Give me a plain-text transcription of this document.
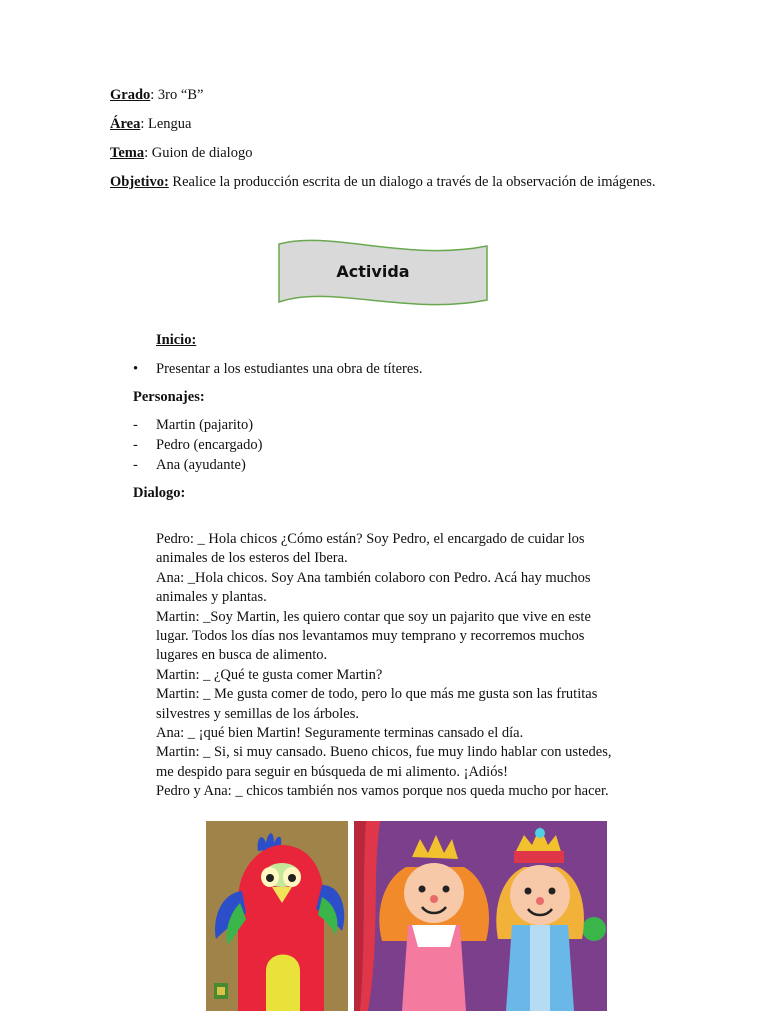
Grado: 3ro “B”
Área: Lengua
Tema: Guion de dialogo
Objetivo: Realice la producción escrita de un dialogo a través de la observación de imágenes.
Activida
Inicio:
• Presentar a los estudiantes una obra de títeres.
Personajes:
- Martin (pajarito)
- Pedro (encargado)
- Ana (ayudante)
Dialogo:
Pedro: _ Hola chicos ¿Cómo están? Soy Pedro, el encargado de cuidar los
animales de los esteros del Ibera.
Ana: _Hola chicos. Soy Ana también colaboro con Pedro. Acá hay muchos
animales y plantas.
Martin: _Soy Martin, les quiero contar que soy un pajarito que vive en este
lugar. Todos los días nos levantamos muy temprano y recorremos muchos
lugares en busca de alimento.
Martin: _ ¿Qué te gusta comer Martin?
Martin: _ Me gusta comer de todo, pero lo que más me gusta son las frutitas
silvestres y semillas de los árboles.
Ana: _ ¡qué bien Martin! Seguramente terminas cansado el día.
Martin: _ Si, si muy cansado. Bueno chicos, fue muy lindo hablar con ustedes,
me despido para seguir en búsqueda de mi alimento. ¡Adiós!
Pedro y Ana: _ chicos también nos vamos porque nos queda mucho por hacer.
